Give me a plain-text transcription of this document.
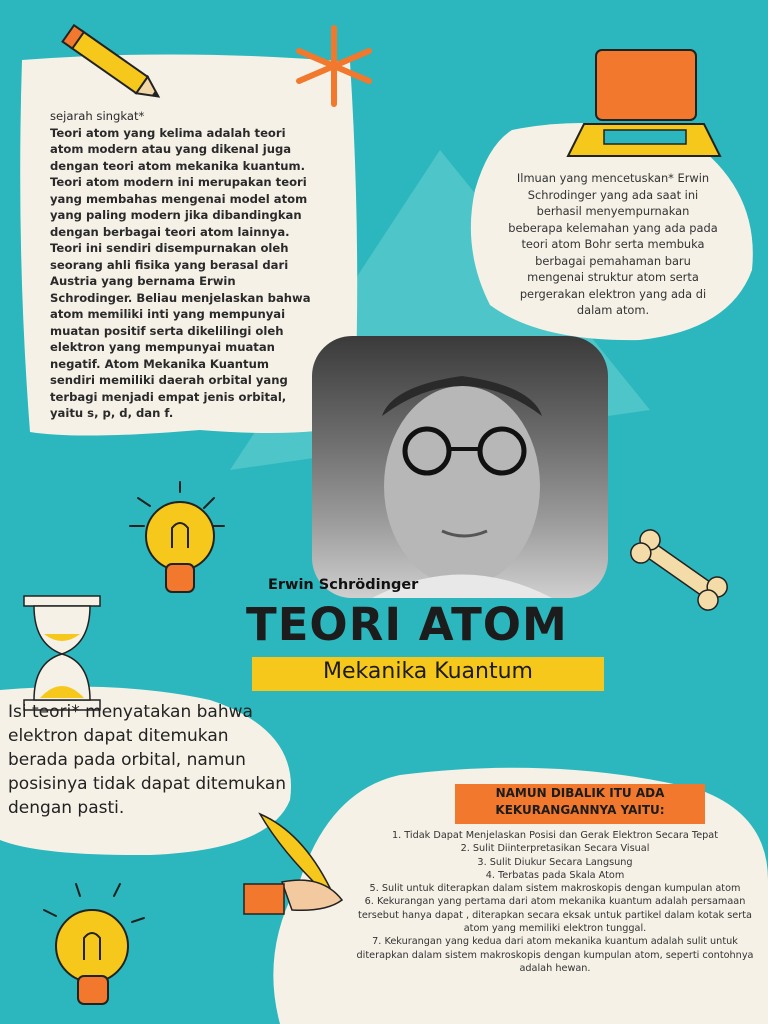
sejarah singkat*

Teori atom yang kelima adalah teori atom modern atau yang dikenal juga dengan teori atom mekanika kuantum. Teori atom modern ini merupakan teori yang membahas mengenai model atom yang paling modern jika dibandingkan dengan berbagai teori atom lainnya. Teori ini sendiri disempurnakan oleh seorang ahli fisika yang berasal dari Austria yang bernama Erwin Schrodinger. Beliau menjelaskan bahwa atom memiliki inti yang mempunyai muatan positif serta dikelilingi oleh elektron yang mempunyai muatan negatif. Atom Mekanika Kuantum sendiri memiliki daerah orbital yang terbagi menjadi empat jenis orbital, yaitu s, p, d, dan f.

Ilmuan yang mencetuskan* Erwin Schrodinger yang ada saat ini berhasil menyempurnakan beberapa kelemahan yang ada pada teori atom Bohr serta membuka berbagai pemahaman baru mengenai struktur atom serta pergerakan elektron yang ada di dalam atom.
Erwin Schrödinger
TEORI ATOM
Mekanika Kuantum
Isi teori* menyatakan bahwa elektron dapat ditemukan berada pada orbital, namun posisinya tidak dapat ditemukan dengan pasti.
NAMUN DIBALIK ITU ADA
KEKURANGANNYA YAITU:
1. Tidak Dapat Menjelaskan Posisi dan Gerak Elektron Secara Tepat
2. Sulit Diinterpretasikan Secara Visual
3. Sulit Diukur Secara Langsung
4. Terbatas pada Skala Atom
5. Sulit untuk diterapkan dalam sistem makroskopis dengan kumpulan atom
6. Kekurangan yang pertama dari atom mekanika kuantum adalah persamaan tersebut hanya dapat , diterapkan secara eksak untuk partikel dalam kotak serta atom yang memiliki elektron tunggal.
7. Kekurangan yang kedua dari atom mekanika kuantum adalah sulit untuk diterapkan dalam sistem makroskopis dengan kumpulan atom, seperti contohnya adalah hewan.
